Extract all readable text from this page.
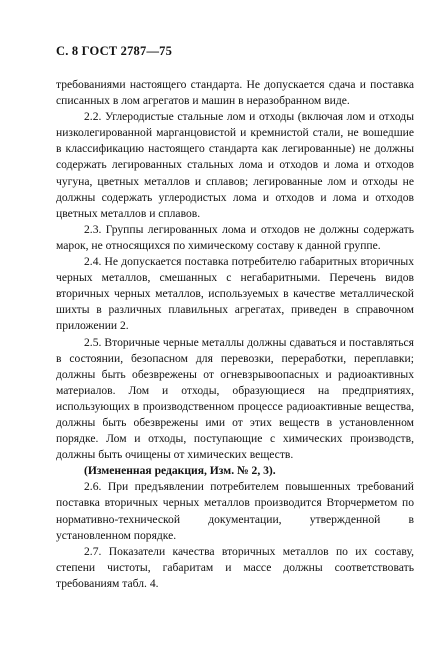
С. 8 ГОСТ 2787—75

требованиями настоящего стандарта. Не допускается сдача и поставка списанных в лом агрегатов и машин в неразобранном виде.

2.2. Углеродистые стальные лом и отходы (включая лом и отходы низколегированной марганцовистой и кремнистой стали, не вошедшие в классификацию настоящего стандарта как легированные) не должны содержать легированных стальных лома и отходов и лома и отходов чугуна, цветных металлов и сплавов; легированные лом и отходы не должны содержать углеродистых лома и отходов и лома и отходов цветных металлов и сплавов.

2.3. Группы легированных лома и отходов не должны содержать марок, не относящихся по химическому составу к данной группе.

2.4. Не допускается поставка потребителю габаритных вторичных черных металлов, смешанных с негабаритными. Перечень видов вторичных черных металлов, используемых в качестве металлической шихты в различных плавильных агрегатах, приведен в справочном приложении 2.

2.5. Вторичные черные металлы должны сдаваться и поставляться в состоянии, безопасном для перевозки, переработки, переплавки; должны быть обезврежены от огневзрывоопасных и радиоактивных материалов. Лом и отходы, образующиеся на предприятиях, использующих в производственном процессе радиоактивные вещества, должны быть обезврежены ими от этих веществ в установленном порядке. Лом и отходы, поступающие с химических производств, должны быть очищены от химических веществ.

(Измененная редакция, Изм. № 2, 3).

2.6. При предъявлении потребителем повышенных требований поставка вторичных черных металлов производится Вторчерметом по нормативно-технической документации, утвержденной в установленном порядке.

2.7. Показатели качества вторичных металлов по их составу, степени чистоты, габаритам и массе должны соответствовать требованиям табл. 4.
